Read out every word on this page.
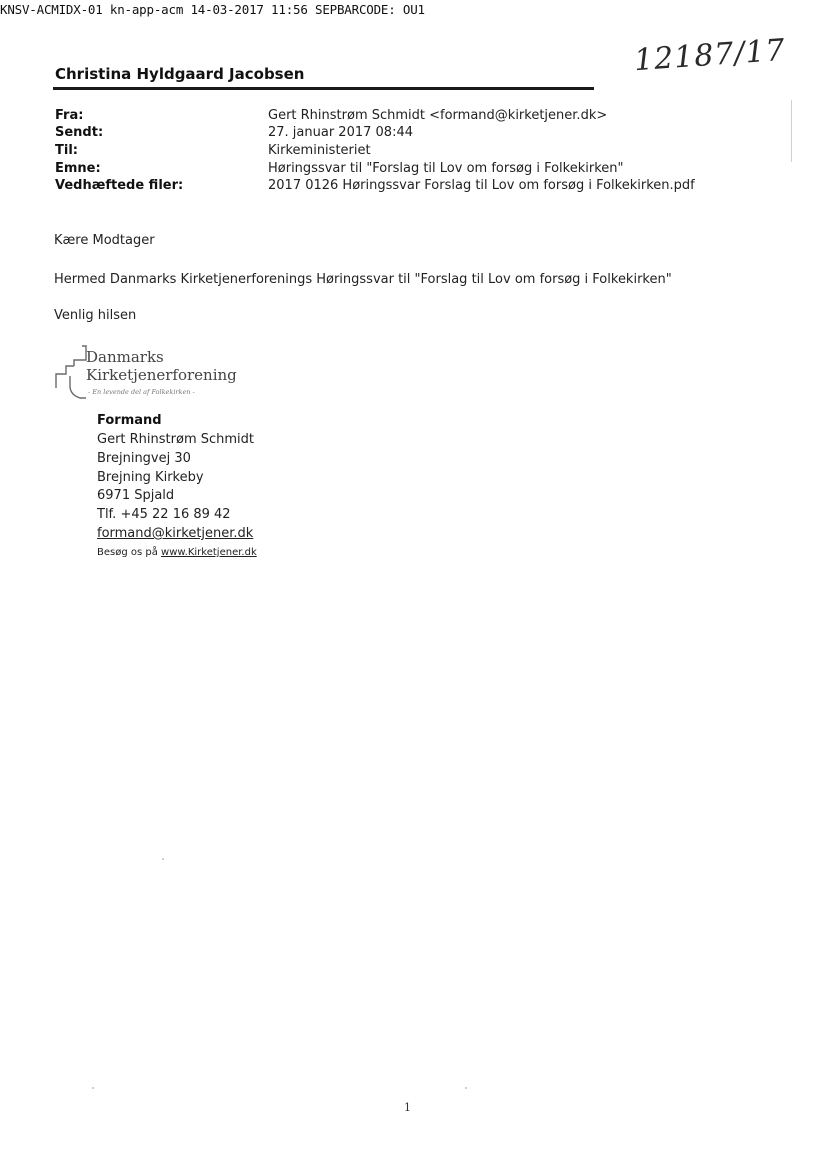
KNSV-ACMIDX-01 kn-app-acm 14-03-2017 11:56 SEPBARCODE: OU1
12187/17
Christina Hyldgaard Jacobsen
Fra:	Gert Rhinstrøm Schmidt <formand@kirketjener.dk>
Sendt:	27. januar 2017 08:44
Til:	Kirkeministeriet
Emne:	Høringssvar til "Forslag til Lov om forsøg i Folkekirken"
Vedhæftede filer:	2017 0126 Høringssvar Forslag til Lov om forsøg i Folkekirken.pdf
Kære Modtager
Hermed Danmarks Kirketjenerforenings Høringssvar til "Forslag til Lov om forsøg i Folkekirken"
Venlig hilsen
Danmarks
Kirketjenerforening
- En levende del af Folkekirken -
Formand
Gert Rhinstrøm Schmidt
Brejningvej 30
Brejning Kirkeby
6971 Spjald
Tlf. +45 22 16 89 42
formand@kirketjener.dk
Besøg os på www.Kirketjener.dk
1
